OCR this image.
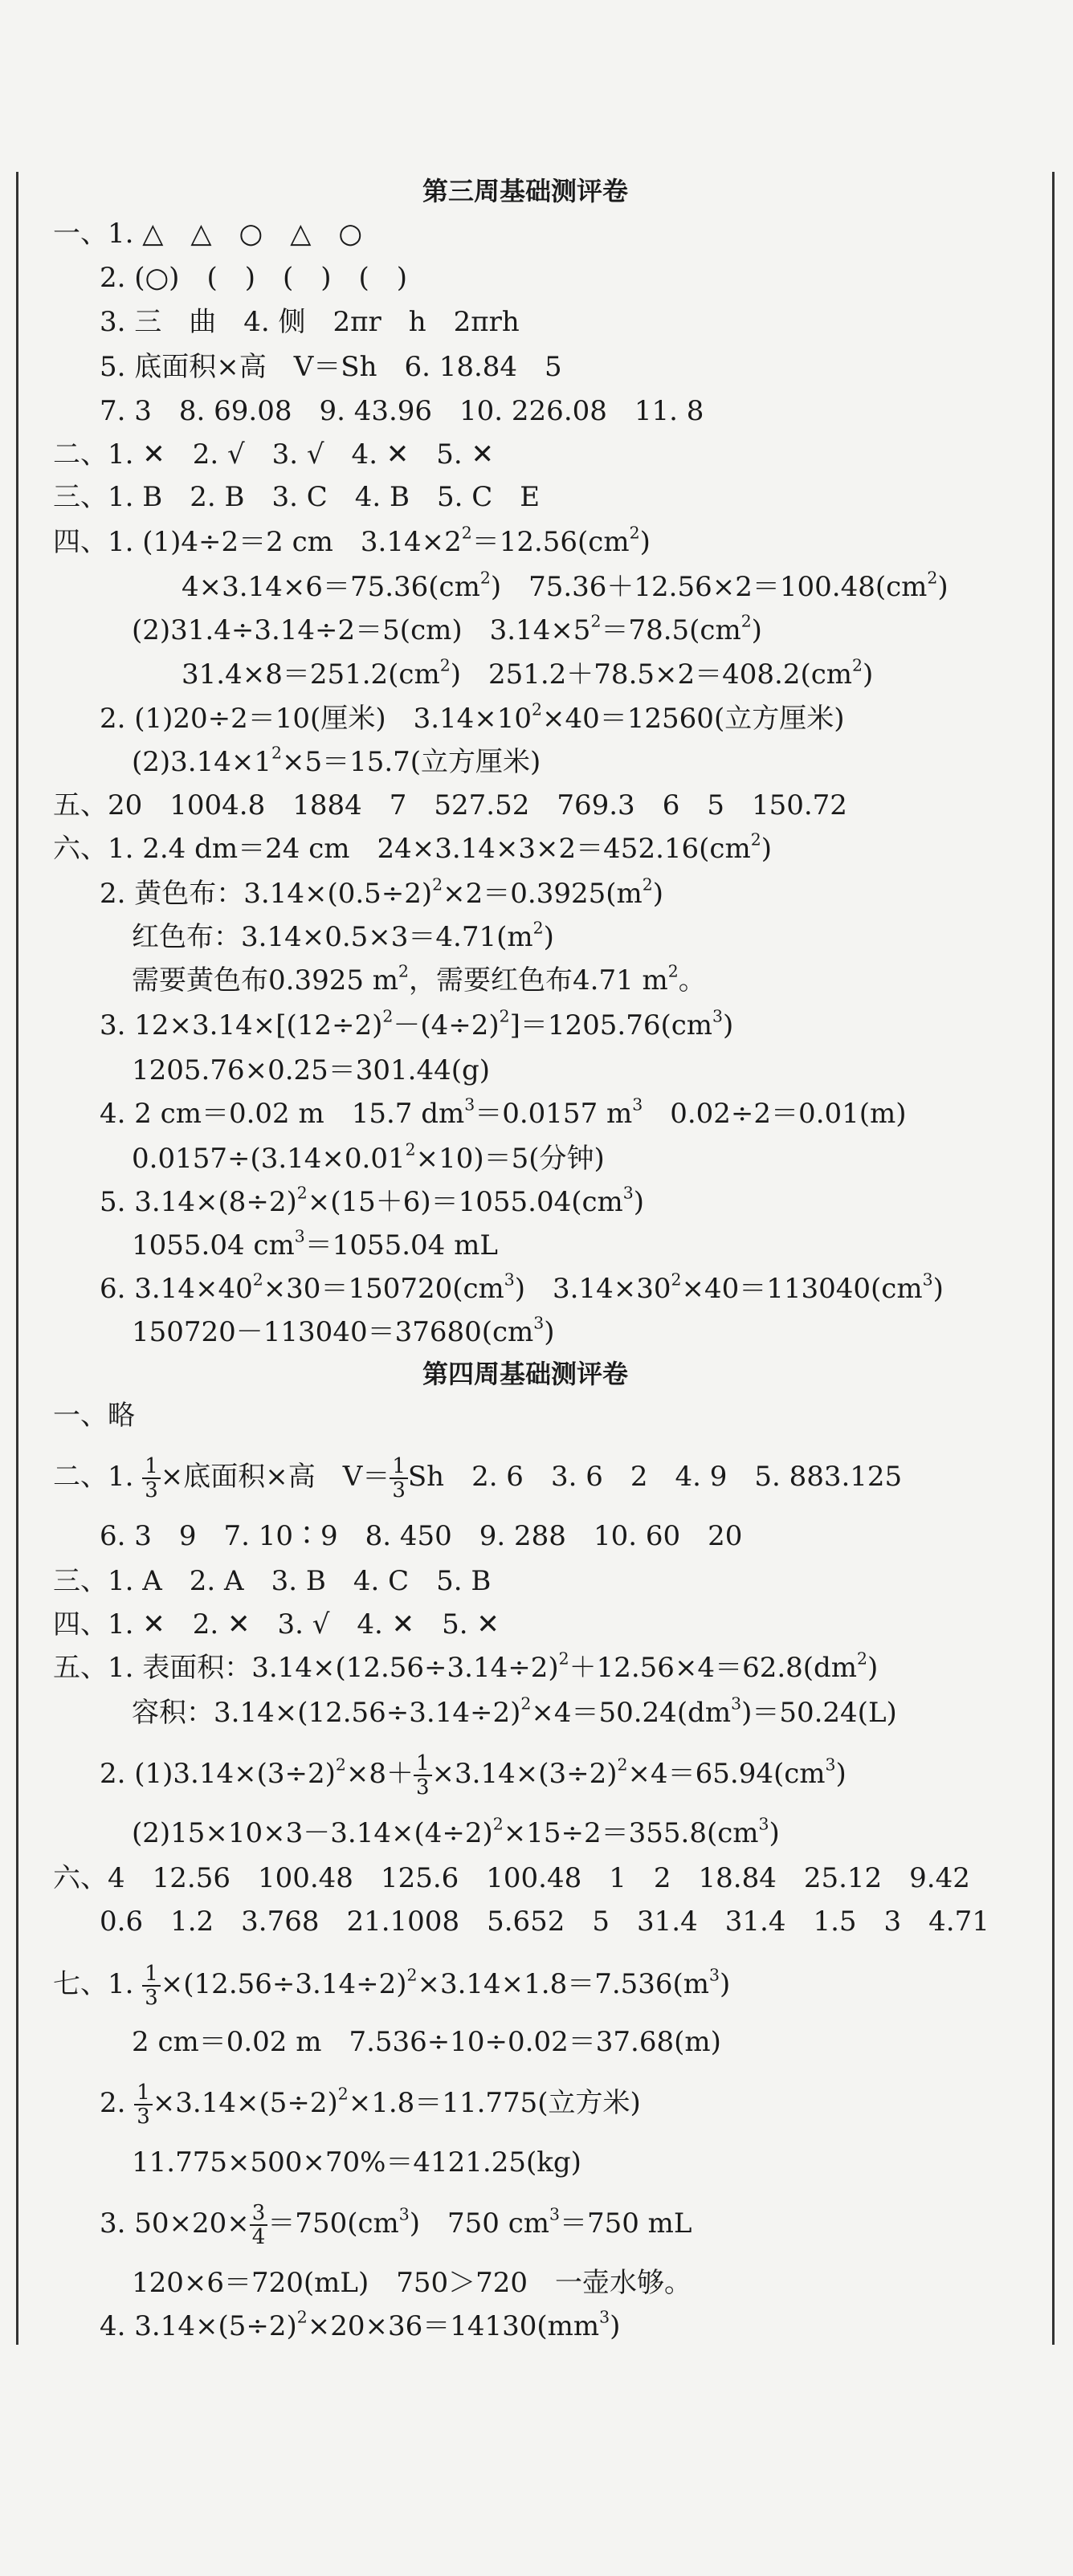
第三周基础测评卷
一、1. △　△　○　△　○
2. (○)　(　)　(　)　(　)
3. 三　曲　4. 侧　2πr　h　2πrh
5. 底面积×高　V＝Sh　6. 18.84　5
7. 3　8. 69.08　9. 43.96　10. 226.08　11. 8
二、1. ✕　2. √　3. √　4. ✕　5. ✕
三、1. B　2. B　3. C　4. B　5. C　E
四、1. (1)4÷2＝2 cm　$3.14\times 2^2=12.56(cm^2)$
$4\times 3.14\times 6=75.36(cm^2)$　$75.36+12.56\times 2=100.48(cm^2)$
(2)31.4÷3.14÷2＝5(cm)　$3.14\times 5^2=78.5(cm^2)$
$31.4\times 8=251.2(cm^2)$　$251.2+78.5\times 2=408.2(cm^2)$
2. (1)20÷2＝10(厘米)　$3.14\times 10^2\times 40=12560$(立方厘米)
$(2)3.14\times 1^2\times 5=15.7$(立方厘米)
五、20　1004.8　1884　7　527.52　769.3　6　5　150.72
六、1. 2.4 dm＝24 cm　$24\times 3.14\times 3\times 2=452.16(cm^2)$
2. 黄色布：$3.14\times(0.5\div 2)^2\times 2=0.3925(m^2)$
红色布：$3.14\times 0.5\times 3=4.71(m^2)$
需要黄色布0.3925 $m^2$，需要红色布4.71 $m^2$。
3. $12\times 3.14\times[(12\div 2)^2-(4\div 2)^2]=1205.76(cm^3)$
1205.76×0.25＝301.44(g)
4. 2 cm＝0.02 m　15.7 $dm^3=0.0157$ $m^3$　0.02÷2＝0.01(m)
$0.0157\div(3.14\times 0.01^2\times 10)=5$(分钟)
5. $3.14\times(8\div 2)^2\times(15+6)=1055.04(cm^3)$
1055.04 $cm^3=1055.04$ mL
6. $3.14\times 40^2\times 30=150720(cm^3)$　$3.14\times 30^2\times 40=113040(cm^3)$
$150720-113040=37680(cm^3)$
第四周基础测评卷
一、略
二、1. $\frac{1}{3}$ ×底面积×高　$V= \frac{1}{3}$ Sh　2. 6　3. 6　2　4. 9　5. 883.125
6. 3　9　7. 10∶9　8. 450　9. 288　10. 60　20
三、1. A　2. A　3. B　4. C　5. B
四、1. ✕　2. ✕　3. √　4. ✕　5. ✕
五、1. 表面积：$3.14\times(12.56\div 3.14\div 2)^2+12.56\times 4=62.8(dm^2)$
容积：$3.14\times(12.56\div 3.14\div 2)^2\times 4=50.24(dm^3)=50.24(L)$
2. $(1)3.14\times(3\div 2)^2\times 8+ \frac{1}{3} \times 3.14\times(3\div 2)^2\times 4=65.94(cm^3)$
$(2)15\times 10\times 3-3.14\times(4\div 2)^2\times 15\div 2=355.8(cm^3)$
六、4　12.56　100.48　125.6　100.48　1　2　18.84　25.12　9.42
0.6　1.2　3.768　21.1008　5.652　5　31.4　31.4　1.5　3　4.71
七、1. $\frac{1}{3} \times(12.56\div 3.14\div 2)^2\times 3.14\times 1.8=7.536(m^3)$
2 cm＝0.02 m　7.536÷10÷0.02＝37.68(m)
2. $\frac{1}{3} \times 3.14\times(5\div 2)^2\times 1.8=11.775$(立方米)
11.775×500×70%＝4121.25(kg)
3. $50\times 20\times \frac{3}{4} =750(cm^3)$　750 $cm^3=750$ mL
120×6＝720(mL)　750＞720　一壶水够。
4. $3.14\times(5\div 2)^2\times 20\times 36=14130(mm^3)$
